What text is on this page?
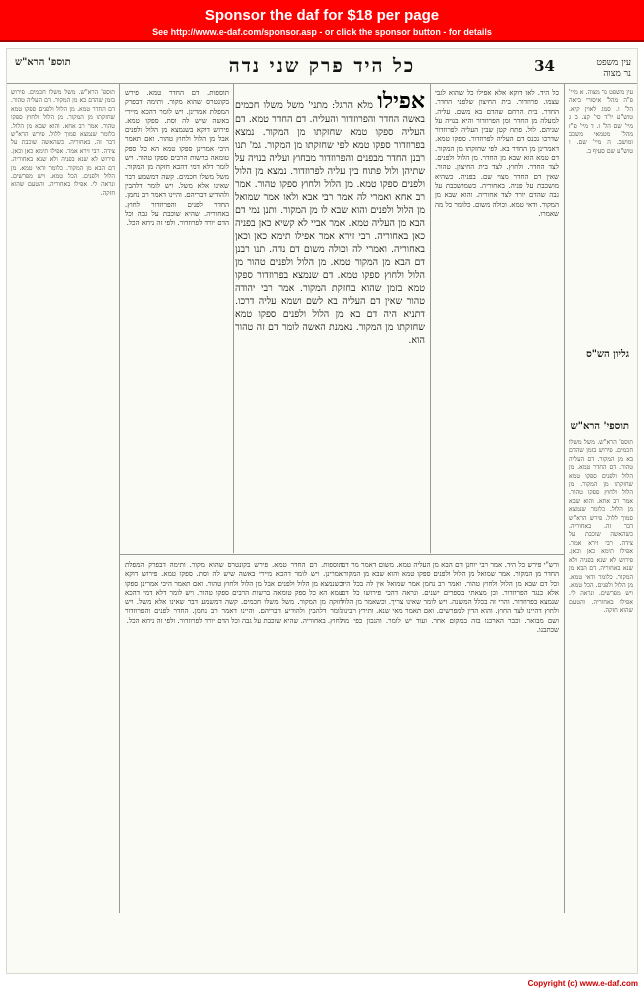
Sponsor the daf for $18 per page
See http://www.e-daf.com/sponsor.asp - or click the sponsor button - for details
כל היד פרק שני נדה	34	עין משפט
נר מצוה
תוספ' הרא"ש

עין משפט נר מצוה. א מיי' פ"ה מהל' איסורי ביאה הל' ו. סמג לאוין קיא. טוש"ע יו"ד סי' קצ. ב ג מיי' שם הל' ז. ד מיי' פ"ז מהל' מטמאי משכב ומושב. ה מיי' שם. ו טוש"ע שם סעיף ב.

גליון הש"ס
תוספי' הרא"ש

תוספ' הרא"ש. משל משלו חכמים. פירוש בזמן שהדם בא מן המקור. דם העליה טהור. דם החדר טמא. מן הלול ולפנים ספקו טמא שחזקתו מן המקור. מן הלול ולחוץ ספקו טהור. אמר רב אחא. והוא שבא מן הלול. כלומר שנמצא סמוך ללול. פירש הרא"ש דבר זה. באחוריה. כשהאשה שוכבת על צידה. רבי זירא אמר. אפילו תימא כאן וכאן. פירוש לא שנא בפניה ולא שנא באחוריה. דם הבא מן המקור. כלומר ודאי טמא. מן הלול ולפנים. הכל טמא. ויש מפרשים. ונראה לי. אפילו באחוריה. והטעם שהוא חזקה.

כל היד. לאו דוקא אלא אפילו כל שהוא לגבי עצמו. פרוזדור. בית החיצון שלפני החדר. החדר. בית הרחם שהדם בא משם. עליה. למעלה מן החדר ומן הפרוזדור והיא בנויה על שניהם. לול. פתח קטן שבין העליה לפרוזדור שדרכו נכנס דם העליה לפרוזדור. ספקו טמא. דאמרינן מן החדר בא. לפי שחזקתו מן המקור. דם טמא הוא שבא מן החדר. מן הלול ולפנים. לצד החדר. ולחוץ. לצד בית החיצון. טהור. שאין דם החדר מצוי שם. בפניה. כשהיא מושכבת על פניה. באחוריה. כשמושכבת על גבה שהדם יורד לצד אחוריה. והוא שבא מן המקור. ודאי טמא. וכולה משום. כלומר כל מה שאמרו.

אפילו מלא הרגל: מתני' משל משלו חכמים באשה החדר והפרוזדור והעליה. דם החדר טמא. דם העליה ספקו טמא שחזקתו מן המקור. נמצא בפרוזדור ספקו טמא לפי שחזקתו מן המקור. גמ' תנו רבנן החדר מבפנים והפרוזדור מבחוץ ועליה בנויה על שתיהן ולול פתוח בין עליה לפרוזדור. נמצא מן הלול ולפנים ספקו טמא. מן הלול ולחוץ ספקו טהור. אמר רב אחא ואמרי לה אמר רבי אבא ולאו אמר שמואל מן הלול ולפנים והוא שבא לו מן המקור. ותנן נמי דם הבא מן העליה טמא. אמר אביי לא קשיא כאן בפניה כאן באחוריה. רבי זירא אמר אפילו תימא כאן וכאן באחוריה. ואמרי לה וכולה משום דם נדה. תנו רבנן דם הבא מן המקור טמא. מן הלול ולפנים טהור מן הלול ולחוץ ספקו טמא. דם שנמצא בפרוזדור ספקו טמא בזמן שהוא בחזקת המקור. אמר רבי יהודה טהור שאין דם העליה בא לשם ושמא עליה דרכו. דתניא היה דם בא מן הלול ולפנים ספקו טמא שחזקתו מן המקור. נאמנת האשה לומר דם זה טהור הוא.

תוספות. דם החדר טמא. פירש בקונטרס שהוא מקור. ותימה דבפרק המפלת אמרינן. ויש לומר דהכא מיירי באשה שיש לה וסת. ספקו טמא. פירוש דוקא בשנמצא מן הלול ולפנים אבל מן הלול ולחוץ טהור. ואם תאמר היכי אמרינן ספקו טמא הא כל ספק טומאה ברשות הרבים ספקו טהור. ויש לומר דלא דמי דהכא חזקה מן המקור. משל משלו חכמים. קשה דמשמע דבר שאינו אלא משל. ויש לומר דלהבין ולהודיע דבריהם. והיינו דאמר רב נחמן. החדר לפנים והפרוזדור לחוץ. באחוריה. שהיא שוכבת על גבה וכל הדם יורד לפרוזדור. ולפי זה ניחא הכל.

תוספ' הרא"ש. משל משלו חכמים. פירוש בזמן שהדם בא מן המקור. דם העליה טהור. דם החדר טמא. מן הלול ולפנים ספקו טמא שחזקתו מן המקור. מן הלול ולחוץ ספקו טהור. אמר רב אחא. והוא שבא מן הלול. כלומר שנמצא סמוך ללול. פירש הרא"ש דבר זה. באחוריה. כשהאשה שוכבת על צידה. רבי זירא אמר. אפילו תימא כאן וכאן. פירוש לא שנא בפניה ולא שנא באחוריה. דם הבא מן המקור. כלומר ודאי טמא. מן הלול ולפנים. הכל טמא. ויש מפרשים. ונראה לי. אפילו באחוריה. והטעם שהוא חזקה.

ורש"י פירש כל היד. אמר רבי יוחנן דם הבא מן העליה טמא. משום דאמר מר דם החדר מן המקור. אמר שמואל מן הלול ולפנים ספקו טמא והוא שבא מן המקור. וכל דם שבא מן הלול ולחוץ טהור. ואמר רב נחמן אמר שמואל אין לה בכל היד אלא כנגד הפרוזדור. וכן מצאתי בספרים ישנים. ונראה דהכי פירושו כל דם שנמצא בפרוזדור. והרי זה בכלל המשנה. ויש לומר שאינו צריך. וכשאמר מן הלול ולחוץ דהיינו לצד החוץ. והוא הדין למפרשים. ואם תאמר מאי שנא. ותירץ רבינו. ושם מבואר. וכבר הארכנו בזה במקום אחר. ועוד יש לומר. והנכון כפי מה שכתבנו.

תוספות. דם החדר טמא. פירש בקונטרס שהוא מקור. ותימה דבפרק המפלת אמרינן. ויש לומר דהכא מיירי באשה שיש לה וסת. ספקו טמא. פירוש דוקא בשנמצא מן הלול ולפנים אבל מן הלול ולחוץ טהור. ואם תאמר היכי אמרינן ספקו טמא הא כל ספק טומאה ברשות הרבים ספקו טהור. ויש לומר דלא דמי דהכא חזקה מן המקור. משל משלו חכמים. קשה דמשמע דבר שאינו אלא משל. ויש לומר דלהבין ולהודיע דבריהם. והיינו דאמר רב נחמן. החדר לפנים והפרוזדור לחוץ. באחוריה. שהיא שוכבת על גבה וכל הדם יורד לפרוזדור. ולפי זה ניחא הכל.

Copyright (c) www.e-daf.com
